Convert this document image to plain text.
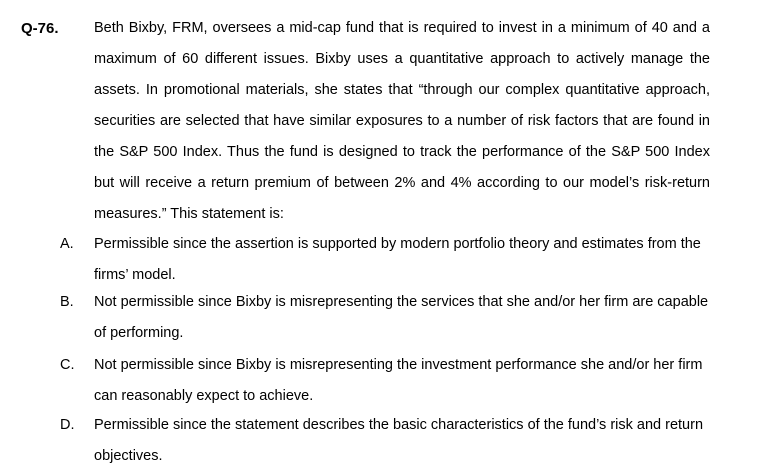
Q-76. Beth Bixby, FRM, oversees a mid-cap fund that is required to invest in a minimum of 40 and a maximum of 60 different issues. Bixby uses a quantitative approach to actively manage the assets. In promotional materials, she states that “through our complex quantitative approach, securities are selected that have similar exposures to a number of risk factors that are found in the S&P 500 Index. Thus the fund is designed to track the performance of the S&P 500 Index but will receive a return premium of between 2% and 4% according to our model’s risk-return measures.” This statement is:

A. Permissible since the assertion is supported by modern portfolio theory and estimates from the firms’ model.

B. Not permissible since Bixby is misrepresenting the services that she and/or her firm are capable of performing.

C. Not permissible since Bixby is misrepresenting the investment performance she and/or her firm can reasonably expect to achieve.

D. Permissible since the statement describes the basic characteristics of the fund’s risk and return objectives.
